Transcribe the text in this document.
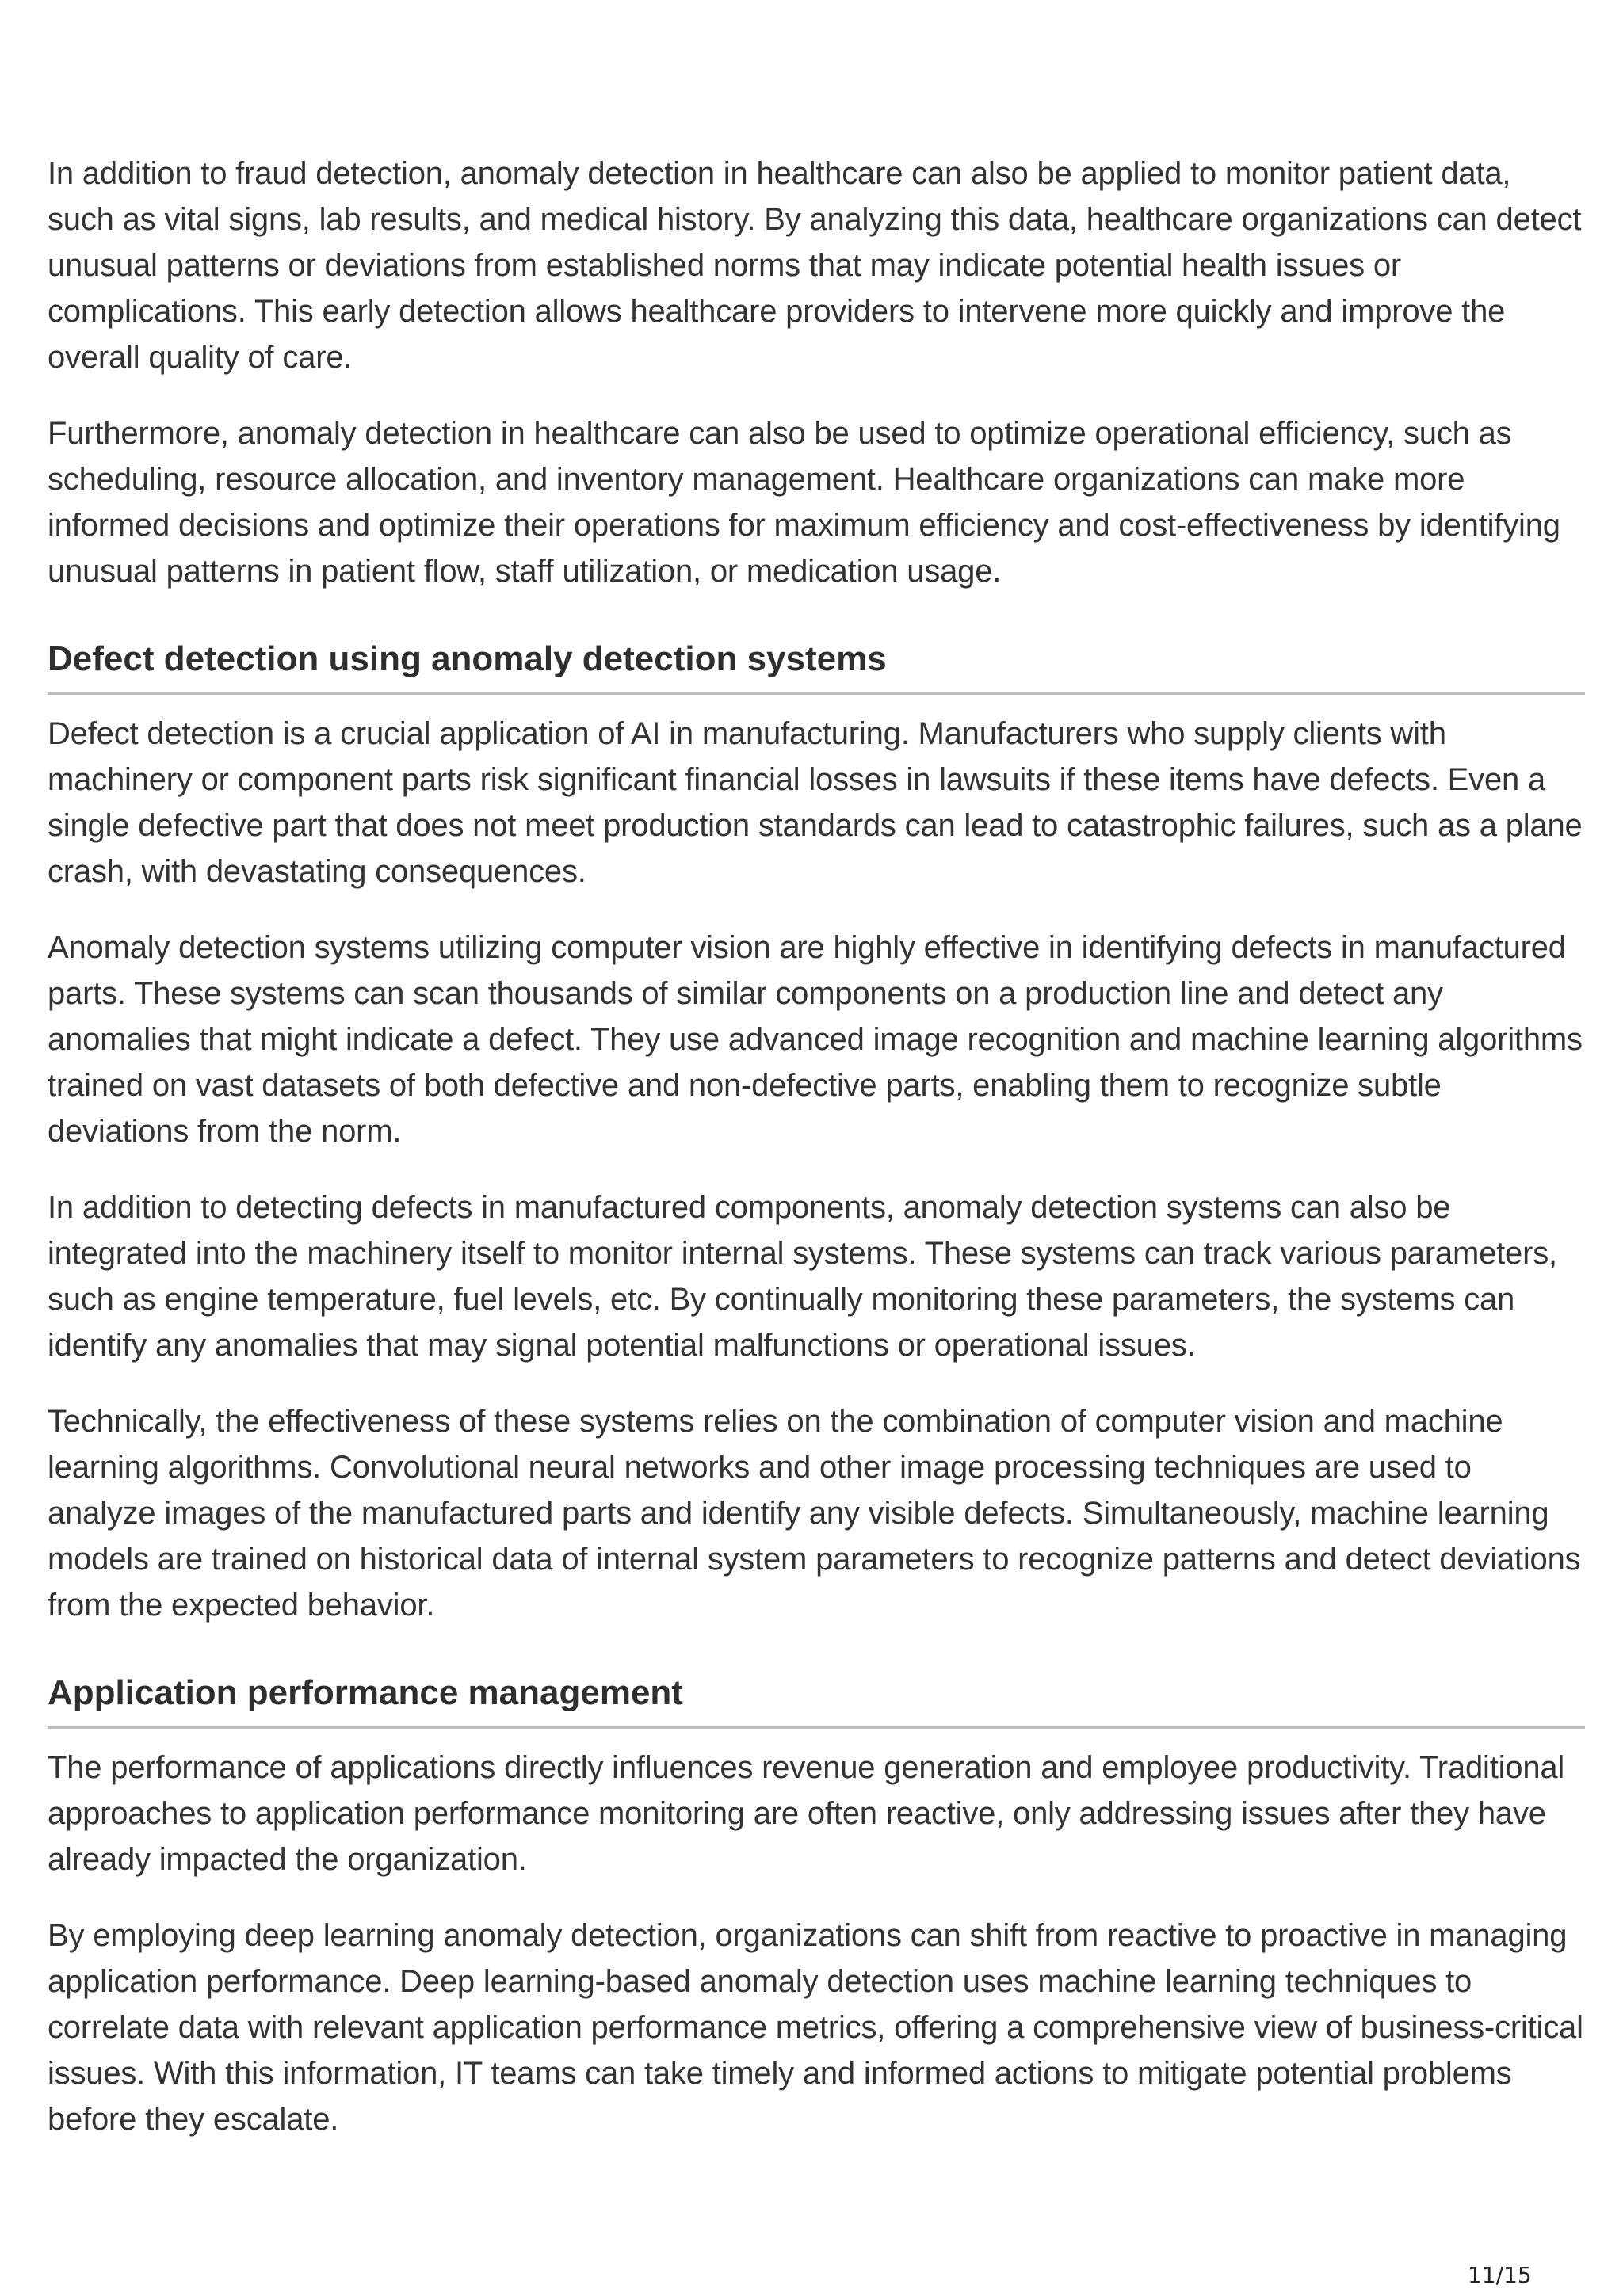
In addition to fraud detection, anomaly detection in healthcare can also be applied to monitor patient data, such as vital signs, lab results, and medical history. By analyzing this data, healthcare organizations can detect unusual patterns or deviations from established norms that may indicate potential health issues or complications. This early detection allows healthcare providers to intervene more quickly and improve the overall quality of care.

Furthermore, anomaly detection in healthcare can also be used to optimize operational efficiency, such as scheduling, resource allocation, and inventory management. Healthcare organizations can make more informed decisions and optimize their operations for maximum efficiency and cost-effectiveness by identifying unusual patterns in patient flow, staff utilization, or medication usage.

Defect detection using anomaly detection systems

Defect detection is a crucial application of AI in manufacturing. Manufacturers who supply clients with machinery or component parts risk significant financial losses in lawsuits if these items have defects. Even a single defective part that does not meet production standards can lead to catastrophic failures, such as a plane crash, with devastating consequences.

Anomaly detection systems utilizing computer vision are highly effective in identifying defects in manufactured parts. These systems can scan thousands of similar components on a production line and detect any anomalies that might indicate a defect. They use advanced image recognition and machine learning algorithms trained on vast datasets of both defective and non-defective parts, enabling them to recognize subtle deviations from the norm.

In addition to detecting defects in manufactured components, anomaly detection systems can also be integrated into the machinery itself to monitor internal systems. These systems can track various parameters, such as engine temperature, fuel levels, etc. By continually monitoring these parameters, the systems can identify any anomalies that may signal potential malfunctions or operational issues.

Technically, the effectiveness of these systems relies on the combination of computer vision and machine learning algorithms. Convolutional neural networks and other image processing techniques are used to analyze images of the manufactured parts and identify any visible defects. Simultaneously, machine learning models are trained on historical data of internal system parameters to recognize patterns and detect deviations from the expected behavior.

Application performance management

The performance of applications directly influences revenue generation and employee productivity. Traditional approaches to application performance monitoring are often reactive, only addressing issues after they have already impacted the organization.

By employing deep learning anomaly detection, organizations can shift from reactive to proactive in managing application performance. Deep learning-based anomaly detection uses machine learning techniques to correlate data with relevant application performance metrics, offering a comprehensive view of business-critical issues. With this information, IT teams can take timely and informed actions to mitigate potential problems before they escalate.

11/15
